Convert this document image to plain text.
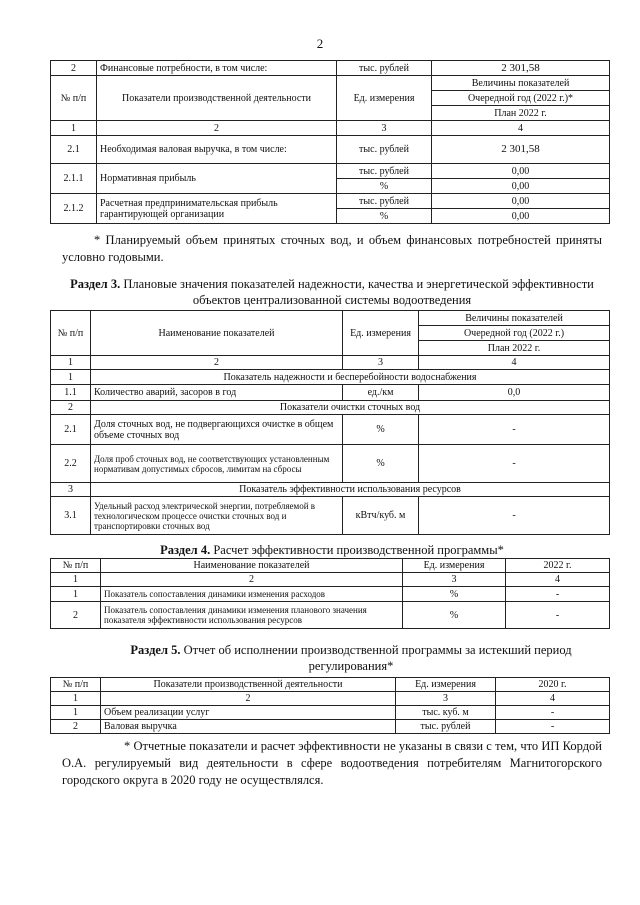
2
2	Финансовые потребности, в том числе:	тыс. рублей	2 301,58
№ п/п	Показатели производственной деятельности	Ед. измерения	Величины показателей
			Очередной год (2022 г.)*
			План 2022 г.
1	2	3	4
2.1	Необходимая валовая выручка, в том числе:	тыс. рублей	2 301,58
2.1.1	Нормативная прибыль	тыс. рублей	0,00
		%	0,00
2.1.2	Расчетная предпринимательская прибыль гарантирующей организации	тыс. рублей	0,00
		%	0,00
* Планируемый объем принятых сточных вод, и объем финансовых потребностей приняты условно годовыми.
Раздел 3. Плановые значения показателей надежности, качества и энергетической эффективности объектов централизованной системы водоотведения
№ п/п	Наименование показателей	Ед. измерения	Величины показателей
			Очередной год (2022 г.)
			План 2022 г.
1	2	3	4
1	Показатель надежности и бесперебойности водоснабжения		
1.1	Количество аварий, засоров в год	ед./км	0,0
2	Показатели очистки сточных вод		
2.1	Доля сточных вод, не подвергающихся очистке в общем объеме сточных вод	%	-
2.2	Доля проб сточных вод, не соответствующих установленным нормативам допустимых сбросов, лимитам на сбросы	%	-
3	Показатель эффективности использования ресурсов		
3.1	Удельный расход электрической энергии, потребляемой в технологическом процессе очистки сточных вод и транспортировки сточных вод	кВтч/куб. м	-
Раздел 4. Расчет эффективности производственной программы*
№ п/п	Наименование показателей	Ед. измерения	2022 г.
1	2	3	4
1	Показатель сопоставления динамики изменения расходов	%	-
2	Показатель сопоставления динамики изменения планового значения показателя эффективности использования ресурсов	%	-
Раздел 5. Отчет об исполнении производственной программы за истекший период регулирования*
№ п/п	Показатели производственной деятельности	Ед. измерения	2020 г.
1	2	3	4
1	Объем реализации услуг	тыс. куб. м	-
2	Валовая выручка	тыс. рублей	-
* Отчетные показатели и расчет эффективности не указаны в связи с тем, что ИП Кордой О.А. регулируемый вид деятельности в сфере водоотведения потребителям Магнитогорского городского округа в 2020 году не осуществлялся.
